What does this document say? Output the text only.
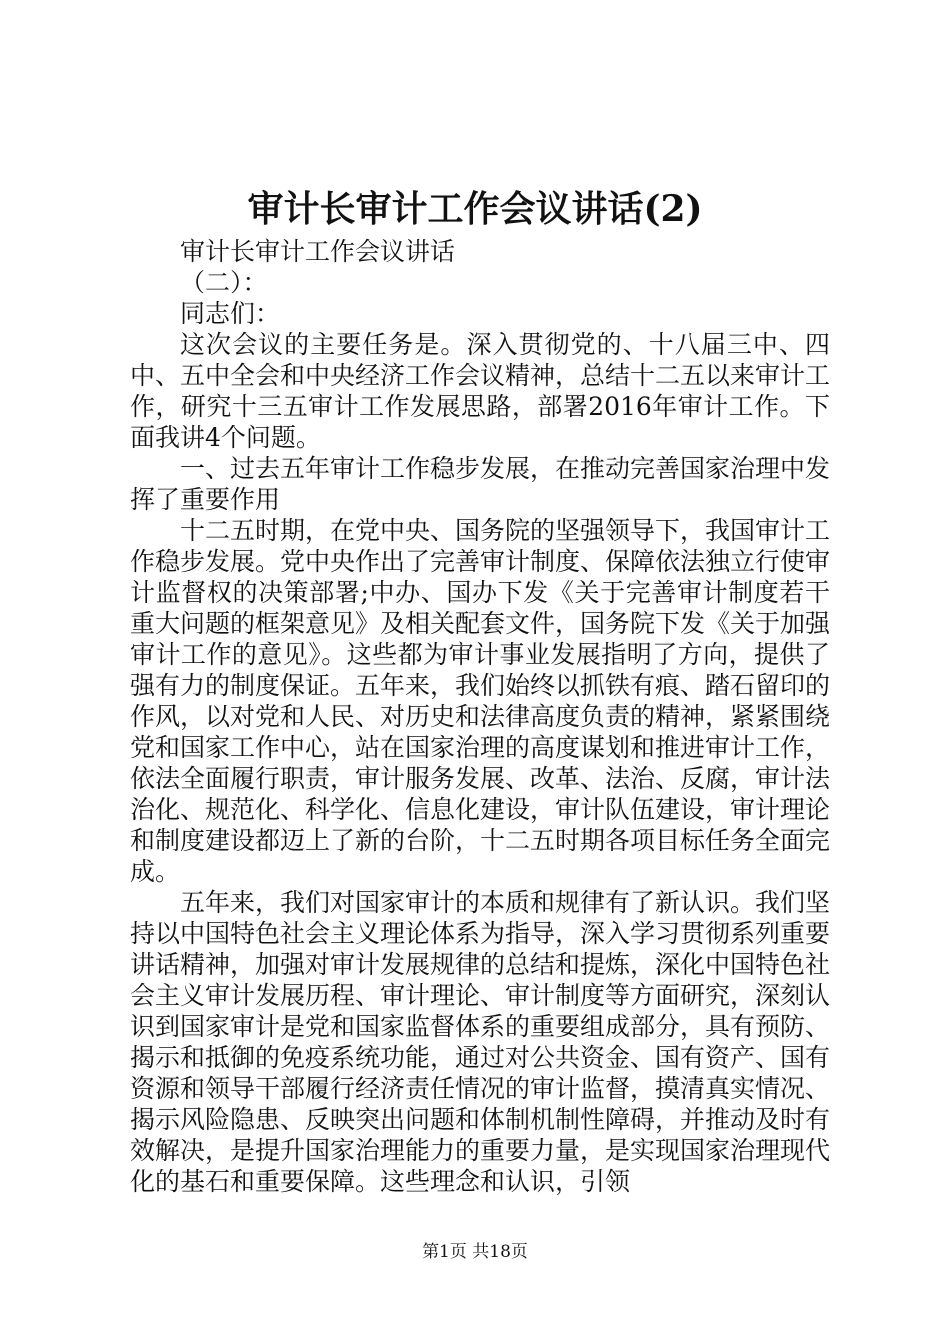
审计长审计工作会议讲话(2)

审计长审计工作会议讲话

（二）：

同志们：

这次会议的主要任务是。深入贯彻党的、十八届三中、四中、五中全会和中央经济工作会议精神，总结十二五以来审计工作，研究十三五审计工作发展思路，部署2016年审计工作。下面我讲4个问题。

一、过去五年审计工作稳步发展，在推动完善国家治理中发挥了重要作用

十二五时期，在党中央、国务院的坚强领导下，我国审计工作稳步发展。党中央作出了完善审计制度、保障依法独立行使审计监督权的决策部署;中办、国办下发《关于完善审计制度若干重大问题的框架意见》及相关配套文件，国务院下发《关于加强审计工作的意见》。这些都为审计事业发展指明了方向，提供了强有力的制度保证。五年来，我们始终以抓铁有痕、踏石留印的作风，以对党和人民、对历史和法律高度负责的精神，紧紧围绕党和国家工作中心，站在国家治理的高度谋划和推进审计工作，依法全面履行职责，审计服务发展、改革、法治、反腐，审计法治化、规范化、科学化、信息化建设，审计队伍建设，审计理论和制度建设都迈上了新的台阶，十二五时期各项目标任务全面完成。

五年来，我们对国家审计的本质和规律有了新认识。我们坚持以中国特色社会主义理论体系为指导，深入学习贯彻系列重要讲话精神，加强对审计发展规律的总结和提炼，深化中国特色社会主义审计发展历程、审计理论、审计制度等方面研究，深刻认识到国家审计是党和国家监督体系的重要组成部分，具有预防、揭示和抵御的免疫系统功能，通过对公共资金、国有资产、国有资源和领导干部履行经济责任情况的审计监督，摸清真实情况、揭示风险隐患、反映突出问题和体制机制性障碍，并推动及时有效解决，是提升国家治理能力的重要力量，是实现国家治理现代化的基石和重要保障。这些理念和认识，引领

第1页 共18页
